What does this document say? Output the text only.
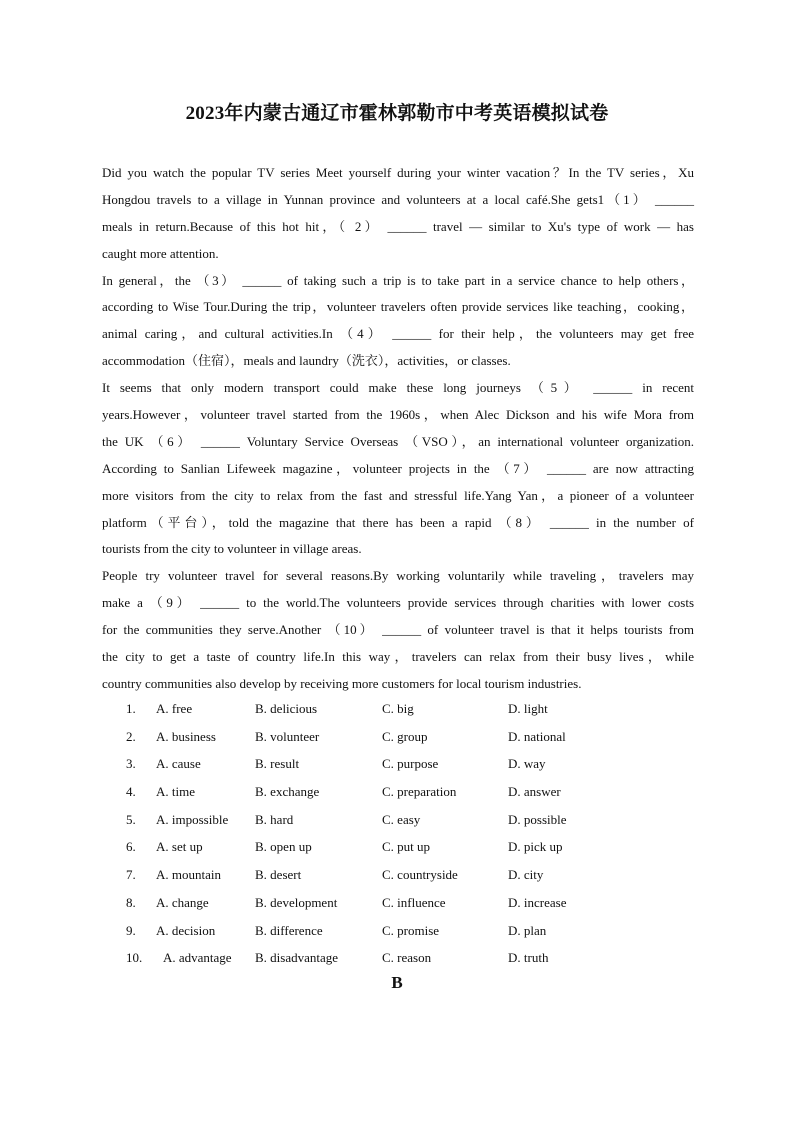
2023年内蒙古通辽市霍林郭勒市中考英语模拟试卷
Did you watch the popular TV series Meet yourself during your winter vacation？In the TV series，Xu
Hongdou travels to a village in Yunnan province and volunteers at a local café.She gets1（1） ______
meals in return.Because of this hot hit，（ 2） ______ travel — similar to Xu's type of work — has
caught more attention.
In general，the （3） ______ of taking such a trip is to take part in a service chance to help others，
according to Wise Tour.During the trip，volunteer travelers often provide services like teaching，cooking，
animal caring，and cultural activities.In （4） ______ for their help，the volunteers may get free
accommodation（住宿），meals and laundry（洗衣），activities，or classes.
It seems that only modern transport could make these long journeys （5） ______ in recent
years.However，volunteer travel started from the 1960s，when Alec Dickson and his wife Mora from
the UK （6） ______ Voluntary Service Overseas （VSO），an international volunteer organization.
According to Sanlian Lifeweek magazine，volunteer projects in the （7） ______ are now attracting
more visitors from the city to relax from the fast and stressful life.Yang Yan，a pioneer of a volunteer
platform（平台），told the magazine that there has been a rapid （8） ______ in the number of
tourists from the city to volunteer in village areas.
People try volunteer travel for several reasons.By working voluntarily while traveling，travelers may
make a （9） ______ to the world.The volunteers provide services through charities with lower costs
for the communities they serve.Another （10） ______ of volunteer travel is that it helps tourists from
the city to get a taste of country life.In this way，travelers can relax from their busy lives，while
country communities also develop by receiving more customers for local tourism industries.
1. A. free	B. delicious	C. big	D. light
2. A. business	B. volunteer	C. group	D. national
3. A. cause	B. result	C. purpose	D. way
4. A. time	B. exchange	C. preparation	D. answer
5. A. impossible B. hard	C. easy	D. possible
6. A. set up	B. open up	C. put up	D. pick up
7. A. mountain	B. desert	C. countryside	D. city
8. A. change	B. development	C. influence	D. increase
9. A. decision	B. difference	C. promise	D. plan
10. A. advantage B. disadvantage	C. reason	D. truth
B
